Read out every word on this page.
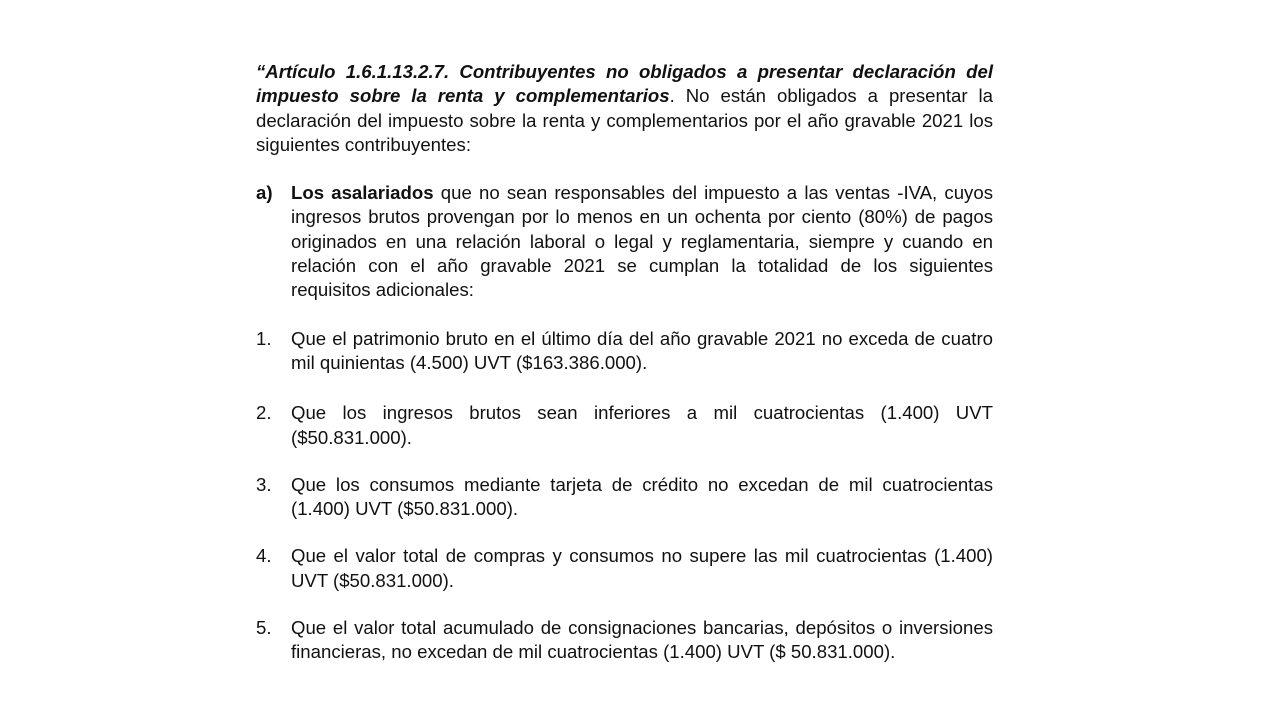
“Artículo 1.6.1.13.2.7. Contribuyentes no obligados a presentar declaración del impuesto sobre la renta y complementarios. No están obligados a presentar la declaración del impuesto sobre la renta y complementarios por el año gravable 2021 los siguientes contribuyentes:

a) Los asalariados que no sean responsables del impuesto a las ventas -IVA, cuyos ingresos brutos provengan por lo menos en un ochenta por ciento (80%) de pagos originados en una relación laboral o legal y reglamentaria, siempre y cuando en relación con el año gravable 2021 se cumplan la totalidad de los siguientes requisitos adicionales:
1. Que el patrimonio bruto en el último día del año gravable 2021 no exceda de cuatro mil quinientas (4.500) UVT ($163.386.000).
2. Que los ingresos brutos sean inferiores a mil cuatrocientas (1.400) UVT ($50.831.000).
3. Que los consumos mediante tarjeta de crédito no excedan de mil cuatrocientas (1.400) UVT ($50.831.000).
4. Que el valor total de compras y consumos no supere las mil cuatrocientas (1.400) UVT ($50.831.000).
5. Que el valor total acumulado de consignaciones bancarias, depósitos o inversiones financieras, no excedan de mil cuatrocientas (1.400) UVT ($ 50.831.000).
